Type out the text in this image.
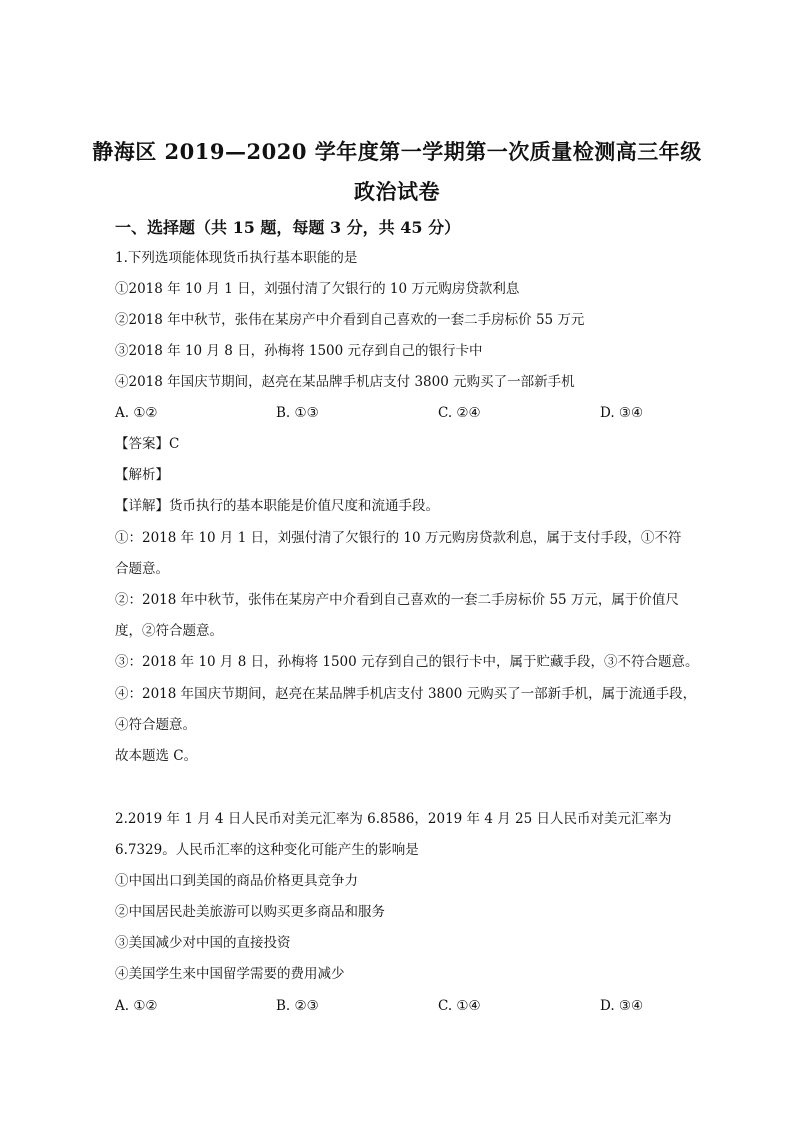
静海区 2019—2020 学年度第一学期第一次质量检测高三年级
政治试卷
一、选择题（共 15 题，每题 3 分，共 45 分）
1.下列选项能体现货币执行基本职能的是
①2018 年 10 月 1 日，刘强付清了欠银行的 10 万元购房贷款利息
②2018 年中秋节，张伟在某房产中介看到自己喜欢的一套二手房标价 55 万元
③2018 年 10 月 8 日，孙梅将 1500 元存到自己的银行卡中
④2018 年国庆节期间，赵亮在某品牌手机店支付 3800 元购买了一部新手机
A. ①②	B. ①③	C. ②④	D. ③④
【答案】C
【解析】
【详解】货币执行的基本职能是价值尺度和流通手段。
①：2018 年 10 月 1 日，刘强付清了欠银行的 10 万元购房贷款利息，属于支付手段，①不符
合题意。
②：2018 年中秋节，张伟在某房产中介看到自己喜欢的一套二手房标价 55 万元，属于价值尺
度，②符合题意。
③：2018 年 10 月 8 日，孙梅将 1500 元存到自己的银行卡中，属于贮藏手段，③不符合题意。
④：2018 年国庆节期间，赵亮在某品牌手机店支付 3800 元购买了一部新手机，属于流通手段，
④符合题意。
故本题选 C。
2.2019 年 1 月 4 日人民币对美元汇率为 6.8586，2019 年 4 月 25 日人民币对美元汇率为
6.7329。人民币汇率的这种变化可能产生的影响是
①中国出口到美国的商品价格更具竞争力
②中国居民赴美旅游可以购买更多商品和服务
③美国减少对中国的直接投资
④美国学生来中国留学需要的费用减少
A. ①②	B. ②③	C. ①④	D. ③④
